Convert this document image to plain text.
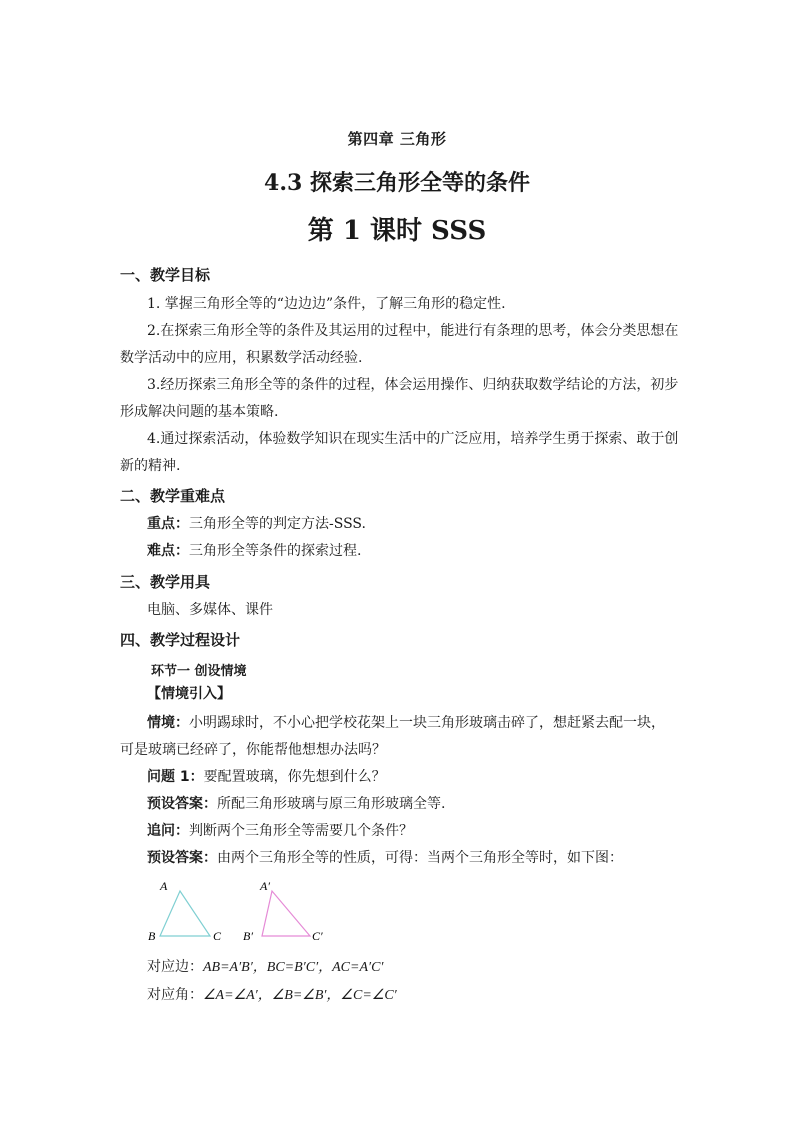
第四章 三角形
4.3 探索三角形全等的条件
第 1 课时 SSS
一、教学目标
1. 掌握三角形全等的“边边边”条件，了解三角形的稳定性.
2.在探索三角形全等的条件及其运用的过程中，能进行有条理的思考，体会分类思想在
数学活动中的应用，积累数学活动经验.
3.经历探索三角形全等的条件的过程，体会运用操作、归纳获取数学结论的方法，初步
形成解决问题的基本策略.
4.通过探索活动，体验数学知识在现实生活中的广泛应用，培养学生勇于探索、敢于创
新的精神.
二、教学重难点
重点：三角形全等的判定方法-SSS.
难点：三角形全等条件的探索过程.
三、教学用具
电脑、多媒体、课件
四、教学过程设计
环节一 创设情境
【情境引入】
情境：小明踢球时，不小心把学校花架上一块三角形玻璃击碎了，想赶紧去配一块，
可是玻璃已经碎了，你能帮他想想办法吗？
问题 1：要配置玻璃，你先想到什么？
预设答案：所配三角形玻璃与原三角形玻璃全等.
追问：判断两个三角形全等需要几个条件？
预设答案：由两个三角形全等的性质，可得：当两个三角形全等时，如下图：
A
B	C
A′
B′	C′
对应边：AB=A′B′，BC=B′C′，AC=A′C′
对应角：∠A=∠A′，∠B=∠B′，∠C=∠C′
